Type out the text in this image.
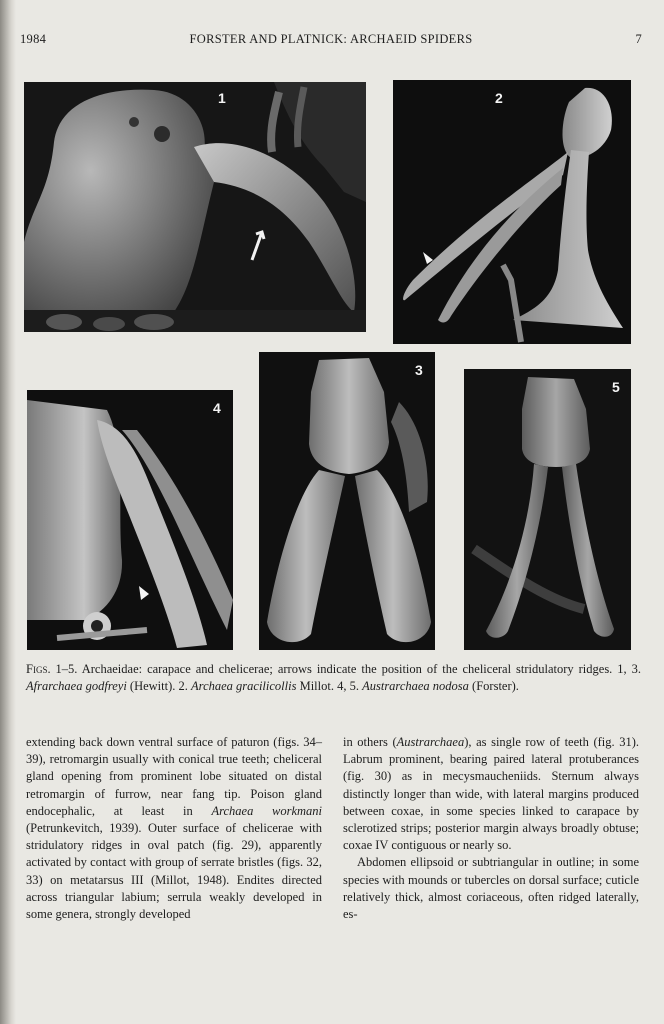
1984	FORSTER AND PLATNICK: ARCHAEID SPIDERS	7
1	2
3
4
5
Figs. 1–5. Archaeidae: carapace and chelicerae; arrows indicate the position of the cheliceral stridulatory ridges. 1, 3. Afrarchaea godfreyi (Hewitt). 2. Archaea gracilicollis Millot. 4, 5. Austrarchaea nodosa (Forster).

extending back down ventral surface of paturon (figs. 34–39), retromargin usually with conical true teeth; cheliceral gland opening from prominent lobe situated on distal retromargin of furrow, near fang tip. Poison gland endocephalic, at least in Archaea workmani (Petrunkevitch, 1939). Outer surface of chelicerae with stridulatory ridges in oval patch (fig. 29), apparently activated by contact with group of serrate bristles (figs. 32, 33) on metatarsus III (Millot, 1948). Endites directed across triangular labium; serrula weakly developed in some genera, strongly developed

in others (Austrarchaea), as single row of teeth (fig. 31). Labrum prominent, bearing paired lateral protuberances (fig. 30) as in mecysmaucheniids. Sternum always distinctly longer than wide, with lateral margins produced between coxae, in some species linked to carapace by sclerotized strips; posterior margin always broadly obtuse; coxae IV contiguous or nearly so.

Abdomen ellipsoid or subtriangular in outline; in some species with mounds or tubercles on dorsal surface; cuticle relatively thick, almost coriaceous, often ridged laterally, es-
